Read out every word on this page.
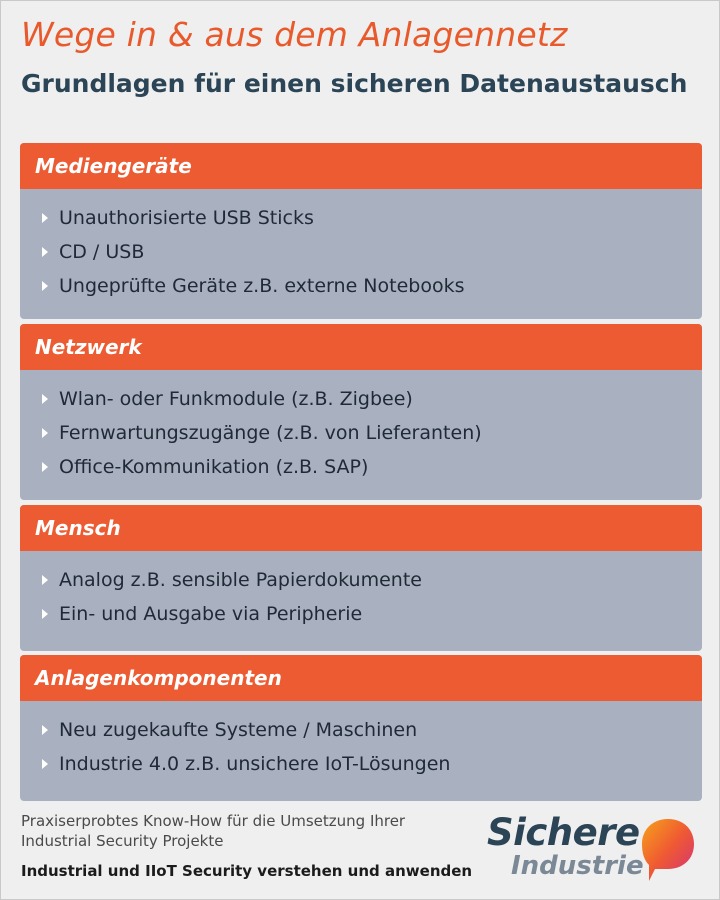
Wege in & aus dem Anlagennetz
Grundlagen für einen sicheren Datenaustausch
Mediengeräte
Unauthorisierte USB Sticks
CD / USB
Ungeprüfte Geräte z.B. externe Notebooks
Netzwerk
Wlan- oder Funkmodule (z.B. Zigbee)
Fernwartungszugänge (z.B. von Lieferanten)
Office-Kommunikation (z.B. SAP)
Mensch
Analog z.B. sensible Papierdokumente
Ein- und Ausgabe via Peripherie
Anlagenkomponenten
Neu zugekaufte Systeme / Maschinen
Industrie 4.0 z.B. unsichere IoT-Lösungen
Praxiserprobtes Know-How für die Umsetzung Ihrer Industrial Security Projekte
Industrial und IIoT Security verstehen und anwenden
Sichere
Industrie
